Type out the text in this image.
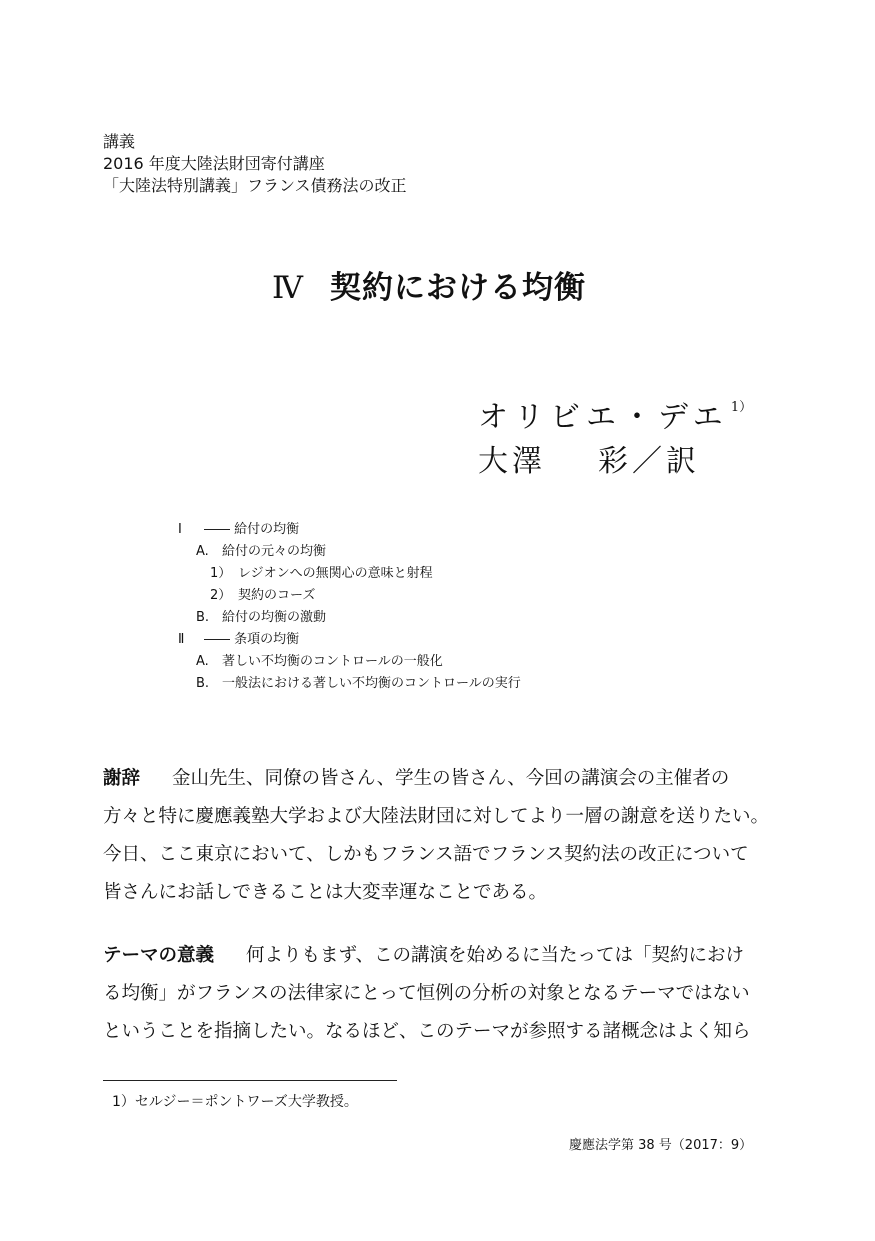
講義
2016 年度大陸法財団寄付講座
「大陸法特別講義」フランス債務法の改正
Ⅳ 契約における均衡
オリビエ・デエ $^{1)}$
大澤 彩／訳
Ⅰ ―― 給付の均衡
A. 給付の元々の均衡
1） レジオンへの無関心の意味と射程
2） 契約のコーズ
B. 給付の均衡の激動
Ⅱ ―― 条項の均衡
A. 著しい不均衡のコントロールの一般化
B. 一般法における著しい不均衡のコントロールの実行
謝辞 金山先生、同僚の皆さん、学生の皆さん、今回の講演会の主催者の
方々と特に慶應義塾大学および大陸法財団に対してより一層の謝意を送りたい。
今日、ここ東京において、しかもフランス語でフランス契約法の改正について
皆さんにお話しできることは大変幸運なことである。
テーマの意義 何よりもまず、この講演を始めるに当たっては「契約におけ
る均衡」がフランスの法律家にとって恒例の分析の対象となるテーマではない
ということを指摘したい。なるほど、このテーマが参照する諸概念はよく知ら
1）セルジー＝ポントワーズ大学教授。
慶應法学第 38 号（2017：9）
